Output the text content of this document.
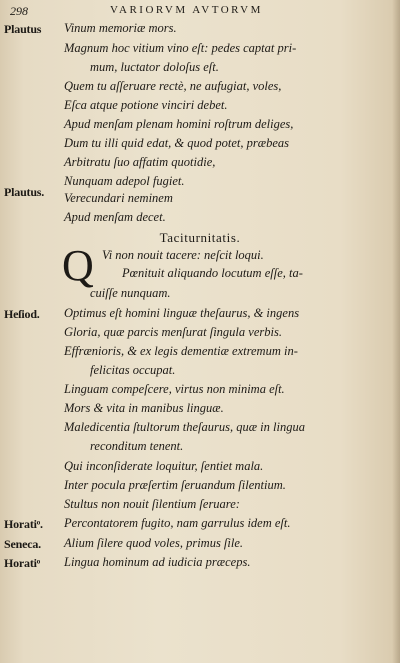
298	VARIORVM AVTORVM
Plautus Vinum memoriæ mors.
Magnum hoc vitium vino eſt: pedes captat pri-
mum, luctator doloſus eſt.
Quem tu aſſeruare rectè, ne aufugiat, voles,
Eſca atque potione vinciri debet.
Apud menſam plenam homini roſtrum deliges,
Dum tu illi quid edat, & quod potet, præbeas
Arbitratu ſuo affatim quotidie,
Nunquam adepol fugiet.
Plautus. Verecundari neminem
Apud menſam decet.
Taciturnitatis.
Q Vi non nouit tacere: neſcit loqui.
Pœnituit aliquando locutum eſſe, ta-
cuiſſe nunquam.
Heſiod. Optimus eſt homini linguæ theſaurus, & ingens
Gloria, quæ parcis menſurat ſingula verbis.
Effrænioris, & ex legis dementiæ extremum in-
felicitas occupat.
Linguam compeſcere, virtus non minima eſt.
Mors & vita in manibus linguæ.
Maledicentia ſtultorum theſaurus, quæ in lingua
reconditum tenent.
Qui inconſiderate loquitur, ſentiet mala.
Inter pocula præſertim ſeruandum ſilentium.
Stultus non nouit ſilentium ſeruare:
Horatiᵒ. Percontatorem fugito, nam garrulus idem eſt.
Seneca. Alium ſilere quod voles, primus ſile.
Horatiᵒ Lingua hominum ad iudicia præceps.
